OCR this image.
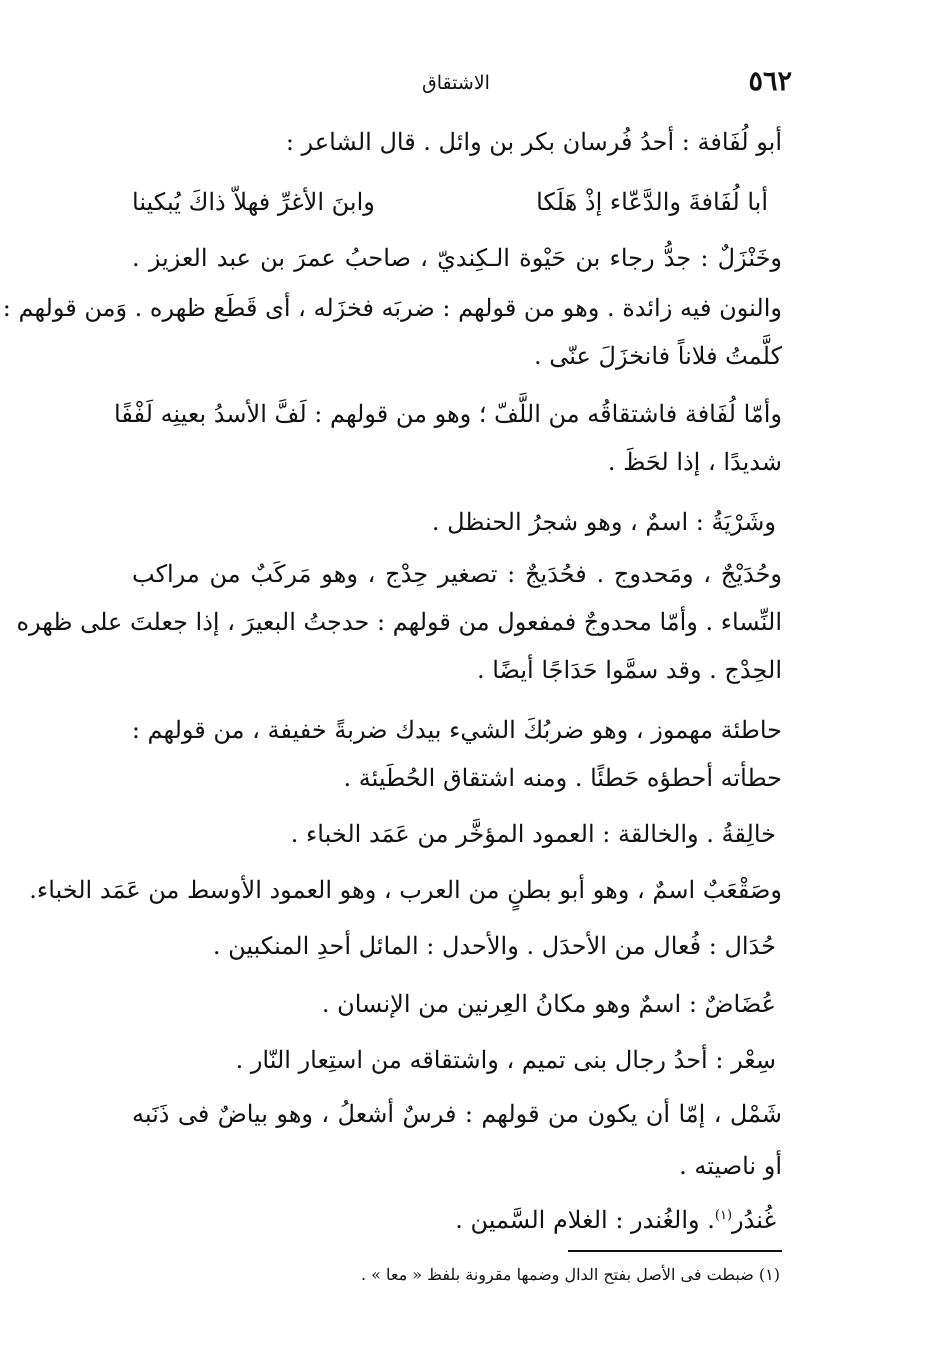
٥٦٢
الاشتقاق
أبو لُفَافة : أحدُ فُرسان بكر بن وائل . قال الشاعر :
أبا لُفَافةَ والدَّعّاء إذْ هَلَكا
وابنَ الأغرِّ فهلاّ ذاكَ يُبكينا
وخَنْزَلٌ : جدُّ رجاء بن حَيْوة الـكِنديّ ، صاحبُ عمرَ بن عبد العزيز .
والنون فيه زائدة . وهو من قولهم : ضربَه فخزَله ، أى قَطَع ظهره . وَمن قولهم :
كلَّمتُ فلاناً فانخزَلَ عنّى .
وأمّا لُفَافة فاشتقاقُه من اللَّفّ ؛ وهو من قولهم : لَفَّ الأسدُ بعينِه لَفْفًا
شديدًا ، إذا لحَظَ .
وشَرْيَةُ : اسمٌ ، وهو شجرُ الحنظل .
وحُدَيْجٌ ، ومَحدوج . فحُدَيجٌ : تصغير حِدْج ، وهو مَركَبٌ من مراكب
النِّساء . وأمّا محدوجٌ فمفعول من قولهم : حدجتُ البعيرَ ، إذا جعلتَ على ظهره
الحِدْج . وقد سمَّوا حَدَاجًا أيضًا .
حاطئة مهموز ، وهو ضربُكَ الشيء بيدك ضربةً خفيفة ، من قولهم :
حطأته أحطؤه حَطئًا . ومنه اشتقاق الحُطَيئة .
خالِقةُ . والخالقة : العمود المؤخَّر من عَمَد الخباء .
وصَقْعَبٌ اسمٌ ، وهو أبو بطنٍ من العرب ، وهو العمود الأوسط من عَمَد الخباء.
حُدَال : فُعال من الأحدَل . والأحدل : المائل أحدِ المنكبين .
عُضَاضٌ : اسمٌ وهو مكانُ العِرنين من الإنسان .
سِعْر : أحدُ رجال بنى تميم ، واشتقاقه من استِعار النّار .
شَمْل ، إمّا أن يكون من قولهم : فرسٌ أشعلُ ، وهو بياضٌ فى ذَنَبه
أو ناصيته .
غُندُر$^{(١)}$. والغُندر : الغلام السَّمين .
(١) ضبطت فى الأصل بفتح الدال وضمها مقرونة بلفظ « معا » .
